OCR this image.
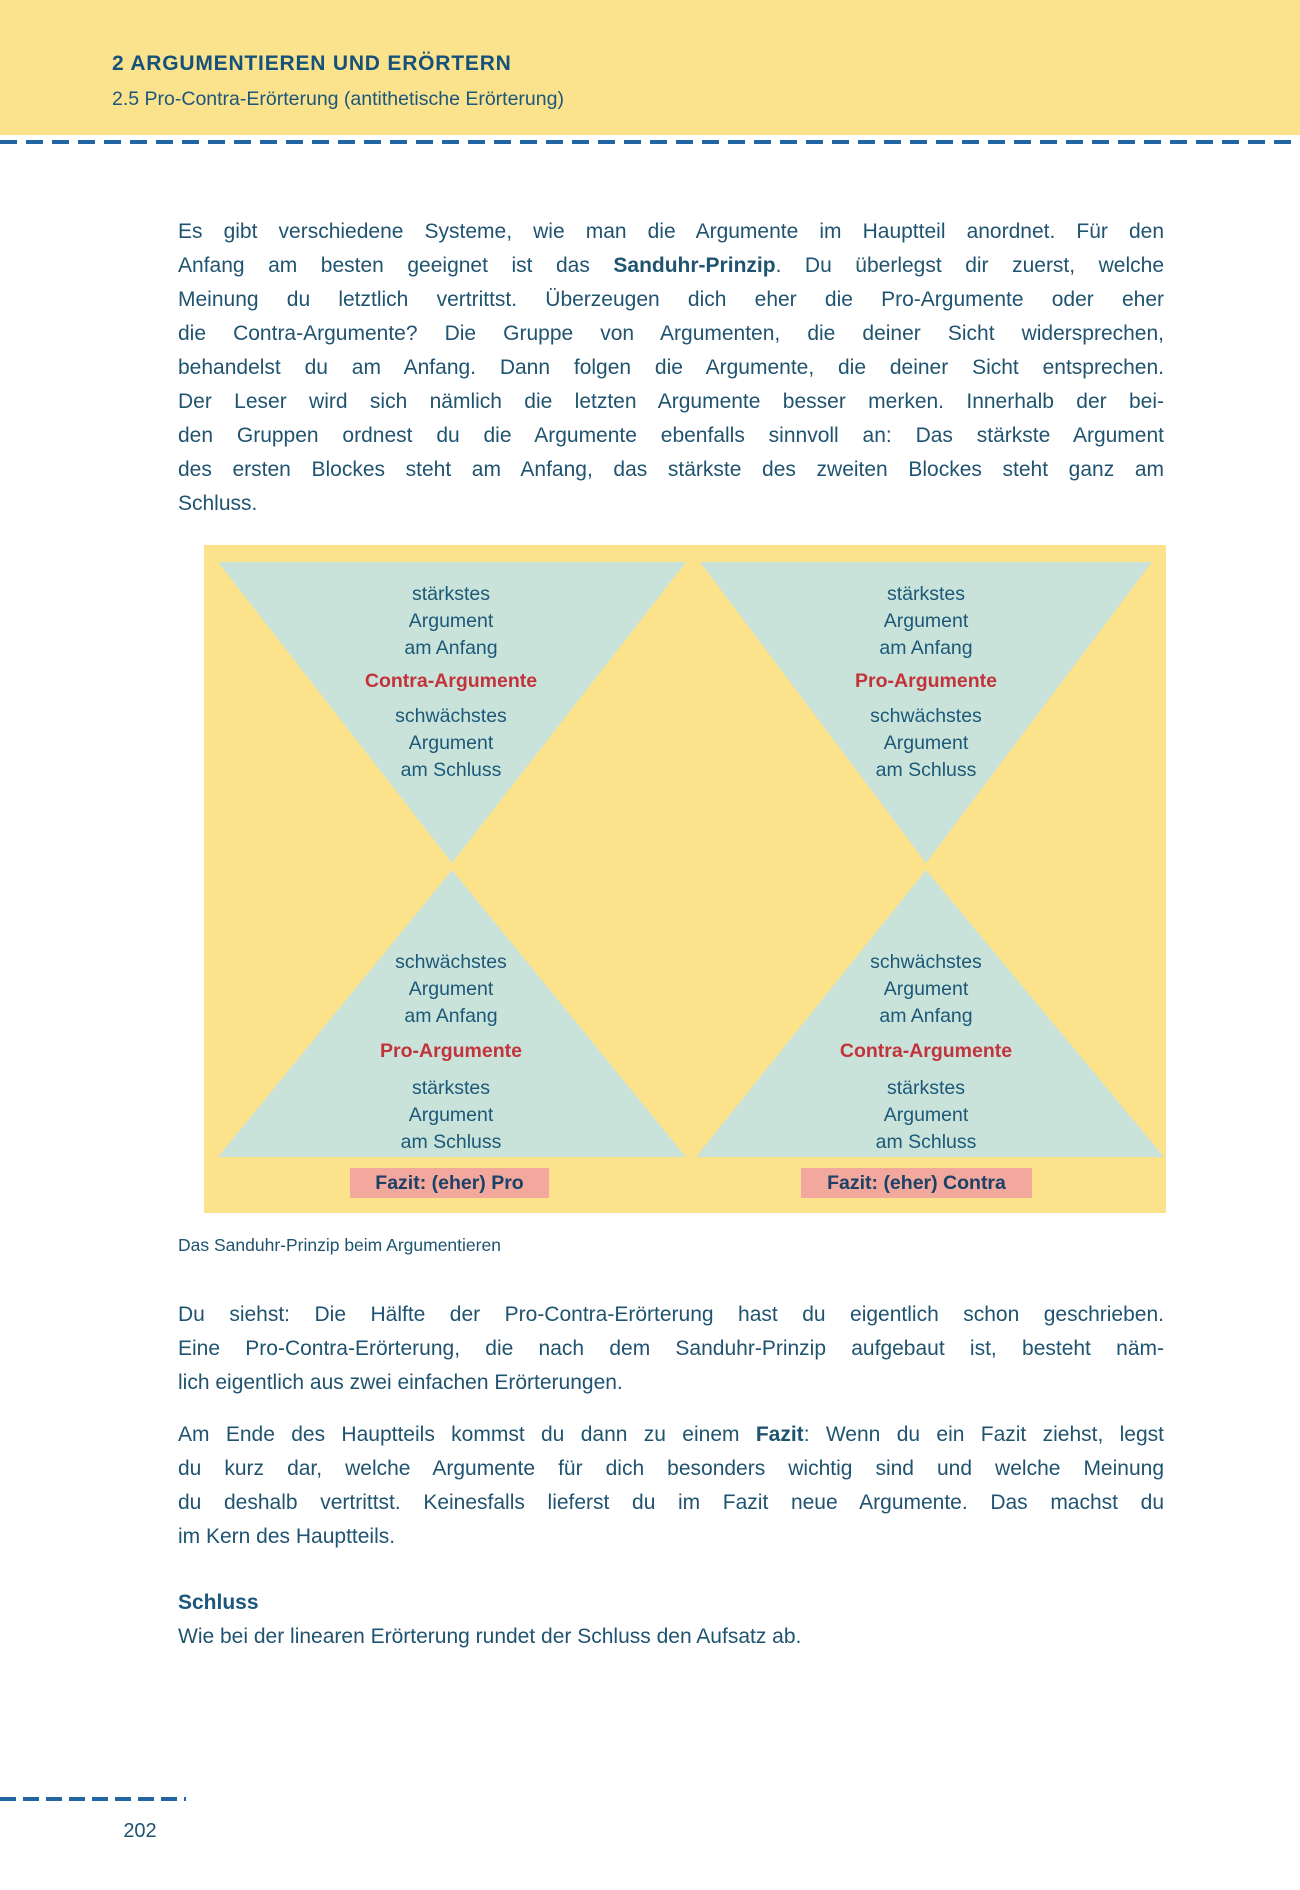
2 ARGUMENTIEREN UND ERÖRTERN
2.5 Pro-Contra-Erörterung (antithetische Erörterung)
Es gibt verschiedene Systeme, wie man die Argumente im Hauptteil anordnet. Für den
Anfang am besten geeignet ist das Sanduhr-Prinzip. Du überlegst dir zuerst, welche
Meinung du letztlich vertrittst. Überzeugen dich eher die Pro-Argumente oder eher
die Contra-Argumente? Die Gruppe von Argumenten, die deiner Sicht widersprechen,
behandelst du am Anfang. Dann folgen die Argumente, die deiner Sicht entsprechen.
Der Leser wird sich nämlich die letzten Argumente besser merken. Innerhalb der bei-
den Gruppen ordnest du die Argumente ebenfalls sinnvoll an: Das stärkste Argument
des ersten Blockes steht am Anfang, das stärkste des zweiten Blockes steht ganz am
Schluss.
stärkstes
Argument
am Anfang
Contra-Argumente
schwächstes
Argument
am Schluss
stärkstes
Argument
am Anfang
Pro-Argumente
schwächstes
Argument
am Schluss
schwächstes
Argument
am Anfang
Pro-Argumente
stärkstes
Argument
am Schluss
schwächstes
Argument
am Anfang
Contra-Argumente
stärkstes
Argument
am Schluss
Fazit: (eher) Pro	Fazit: (eher) Contra
Das Sanduhr-Prinzip beim Argumentieren
Du siehst: Die Hälfte der Pro-Contra-Erörterung hast du eigentlich schon geschrieben.
Eine Pro-Contra-Erörterung, die nach dem Sanduhr-Prinzip aufgebaut ist, besteht näm-
lich eigentlich aus zwei einfachen Erörterungen.
Am Ende des Hauptteils kommst du dann zu einem Fazit: Wenn du ein Fazit ziehst, legst
du kurz dar, welche Argumente für dich besonders wichtig sind und welche Meinung
du deshalb vertrittst. Keinesfalls lieferst du im Fazit neue Argumente. Das machst du
im Kern des Hauptteils.
Schluss
Wie bei der linearen Erörterung rundet der Schluss den Aufsatz ab.
202
